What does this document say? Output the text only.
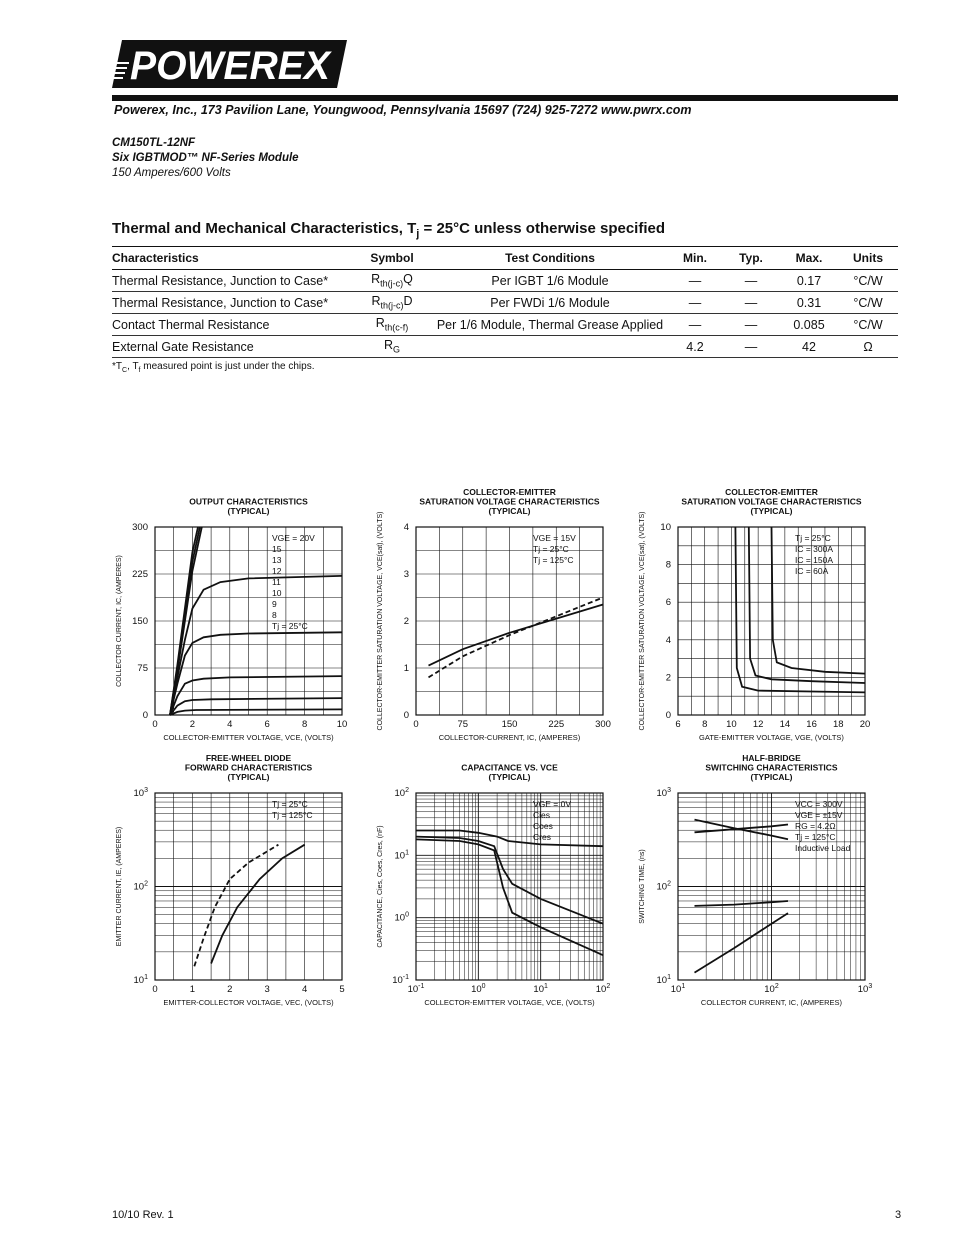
POWEREX
Powerex, Inc., 173 Pavilion Lane, Youngwood, Pennsylvania 15697 (724) 925-7272 www.pwrx.com
CM150TL-12NF
Six IGBTMOD™ NF-Series Module
150 Amperes/600 Volts
Thermal and Mechanical Characteristics, $T_j = 25^\circ C$ unless otherwise specified
Characteristics	Symbol	Test Conditions	Min.	Typ.	Max.	Units
Thermal Resistance, Junction to Case*	$R_{th(j-c)}Q$	Per IGBT 1/6 Module	—	—	0.17	°C/W
Thermal Resistance, Junction to Case*	$R_{th(j-c)}D$	Per FWDi 1/6 Module	—	—	0.31	°C/W
Contact Thermal Resistance	$R_{th(c-f)}$	Per 1/6 Module, Thermal Grease Applied	—	—	0.085	°C/W
External Gate Resistance	$R_G$		4.2	—	42	Ω
$*T_C$, $T_f$ measured point is just under the chips.
0	2	4	6	8	10
0
75
150
225
300
OUTPUT CHARACTERISTICS
(TYPICAL)
COLLECTOR-EMITTER VOLTAGE, VCE, (VOLTS)
COLLECTOR CURRENT, IC, (AMPERES)
VGE = 20V
15
13
12
11
10
9
8
Tj = 25°C
0	75	150	225	300
0
1
2
3
4
COLLECTOR-EMITTER
SATURATION VOLTAGE CHARACTERISTICS
(TYPICAL)
COLLECTOR-CURRENT, IC, (AMPERES)
COLLECTOR-EMITTER SATURATION VOLTAGE, VCE(sat), (VOLTS)	VGE = 15V
Tj = 25°C
Tj = 125°C
6 8 10 12 14 16 18 20
0
2
4
6
8
10
COLLECTOR-EMITTER
SATURATION VOLTAGE CHARACTERISTICS
(TYPICAL)
GATE-EMITTER VOLTAGE, VGE, (VOLTS)
COLLECTOR-EMITTER SATURATION VOLTAGE, VCE(sat), (VOLTS)	Tj = 25°C
IC = 300A
IC = 150A
IC = 60A
0	1	2	3	4	5
$10^1$
$10^2$
$10^3$
FREE-WHEEL DIODE
FORWARD CHARACTERISTICS
(TYPICAL)
EMITTER-COLLECTOR VOLTAGE, VEC, (VOLTS)
EMITTER CURRENT, IE, (AMPERES)
Tj = 25°C
Tj = 125°C
$10^{-1}$	$10^0$	$10^1$	$10^2$
$10^{-1}$
$10^0$
$10^1$
$10^2$
CAPACITANCE VS. VCE
(TYPICAL)
COLLECTOR-EMITTER VOLTAGE, VCE, (VOLTS)
CAPACITANCE, Cies, Coes, Cres, (nF)
VGE = 0V
Cies
Coes
Cres
$10^1$	$10^2$	$10^3$
$10^1$
$10^2$
$10^3$
HALF-BRIDGE
SWITCHING CHARACTERISTICS
(TYPICAL)
COLLECTOR CURRENT, IC, (AMPERES)
SWITCHING TIME, (ns)
VCC = 300V
VGE = ±15V
RG = 4.2Ω
Tj = 125°C
Inductive Load
10/10 Rev. 1	3
